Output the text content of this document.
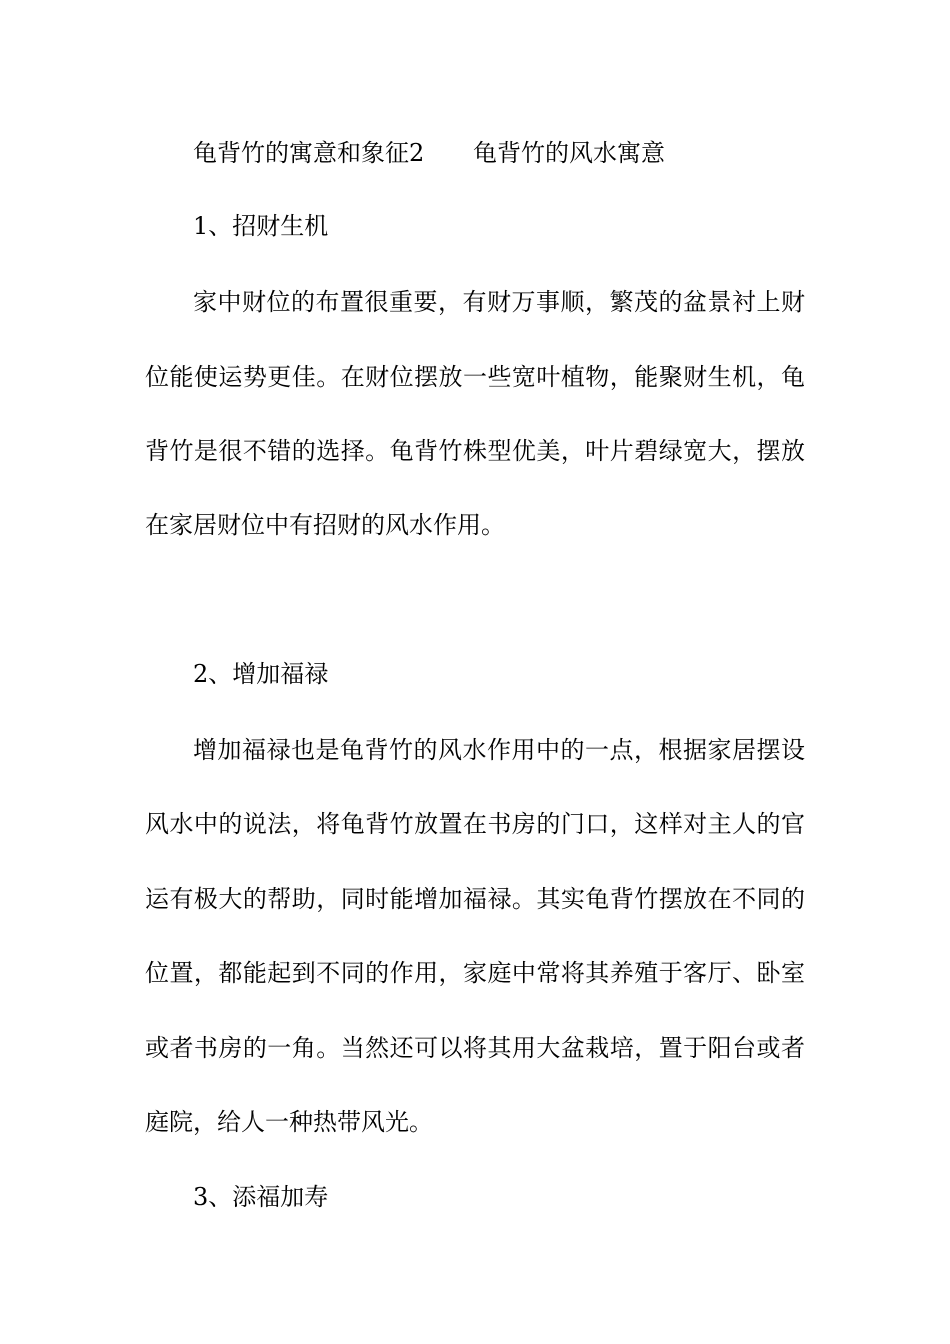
龟背竹的寓意和象征2 龟背竹的风水寓意
1、招财生机
家中财位的布置很重要，有财万事顺，繁茂的盆景衬上财
位能使运势更佳。在财位摆放一些宽叶植物，能聚财生机，龟
背竹是很不错的选择。龟背竹株型优美，叶片碧绿宽大，摆放
在家居财位中有招财的风水作用。
2、增加福禄
增加福禄也是龟背竹的风水作用中的一点，根据家居摆设
风水中的说法，将龟背竹放置在书房的门口，这样对主人的官
运有极大的帮助，同时能增加福禄。其实龟背竹摆放在不同的
位置，都能起到不同的作用，家庭中常将其养殖于客厅、卧室
或者书房的一角。当然还可以将其用大盆栽培，置于阳台或者
庭院，给人一种热带风光。
3、添福加寿
